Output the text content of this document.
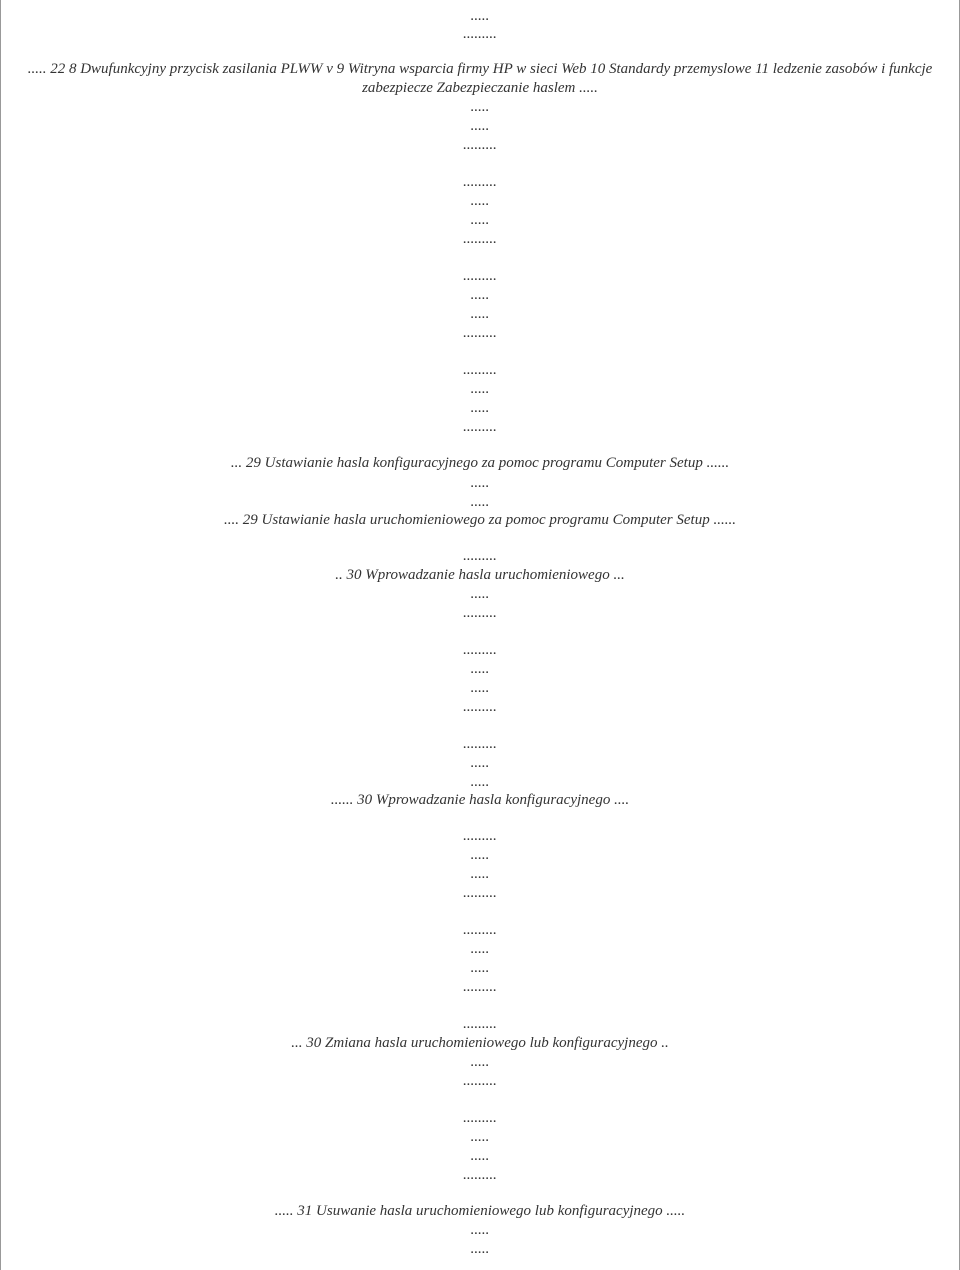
.....
.........
..... 22 8 Dwufunkcyjny przycisk zasilania PLWW v 9 Witryna wsparcia firmy HP w sieci Web 10 Standardy przemyslowe 11 ledzenie zasobów i funkcje
zabezpiecze Zabezpieczanie haslem .....
.....
.....
.........
.........
.....
.....
.........
.........
.....
.....
.........
.........
.....
.....
.........
... 29 Ustawianie hasla konfiguracyjnego za pomoc programu Computer Setup ......
.....
.....
.... 29 Ustawianie hasla uruchomieniowego za pomoc programu Computer Setup ......
.........
.. 30 Wprowadzanie hasla uruchomieniowego ...
.....
.........
.........
.....
.....
.........
.........
.....
.....
...... 30 Wprowadzanie hasla konfiguracyjnego ....
.........
.....
.....
.........
.........
.....
.....
.........
.........
... 30 Zmiana hasla uruchomieniowego lub konfiguracyjnego ..
.....
.........
.........
.....
.....
.........
..... 31 Usuwanie hasla uruchomieniowego lub konfiguracyjnego .....
.....
.....
